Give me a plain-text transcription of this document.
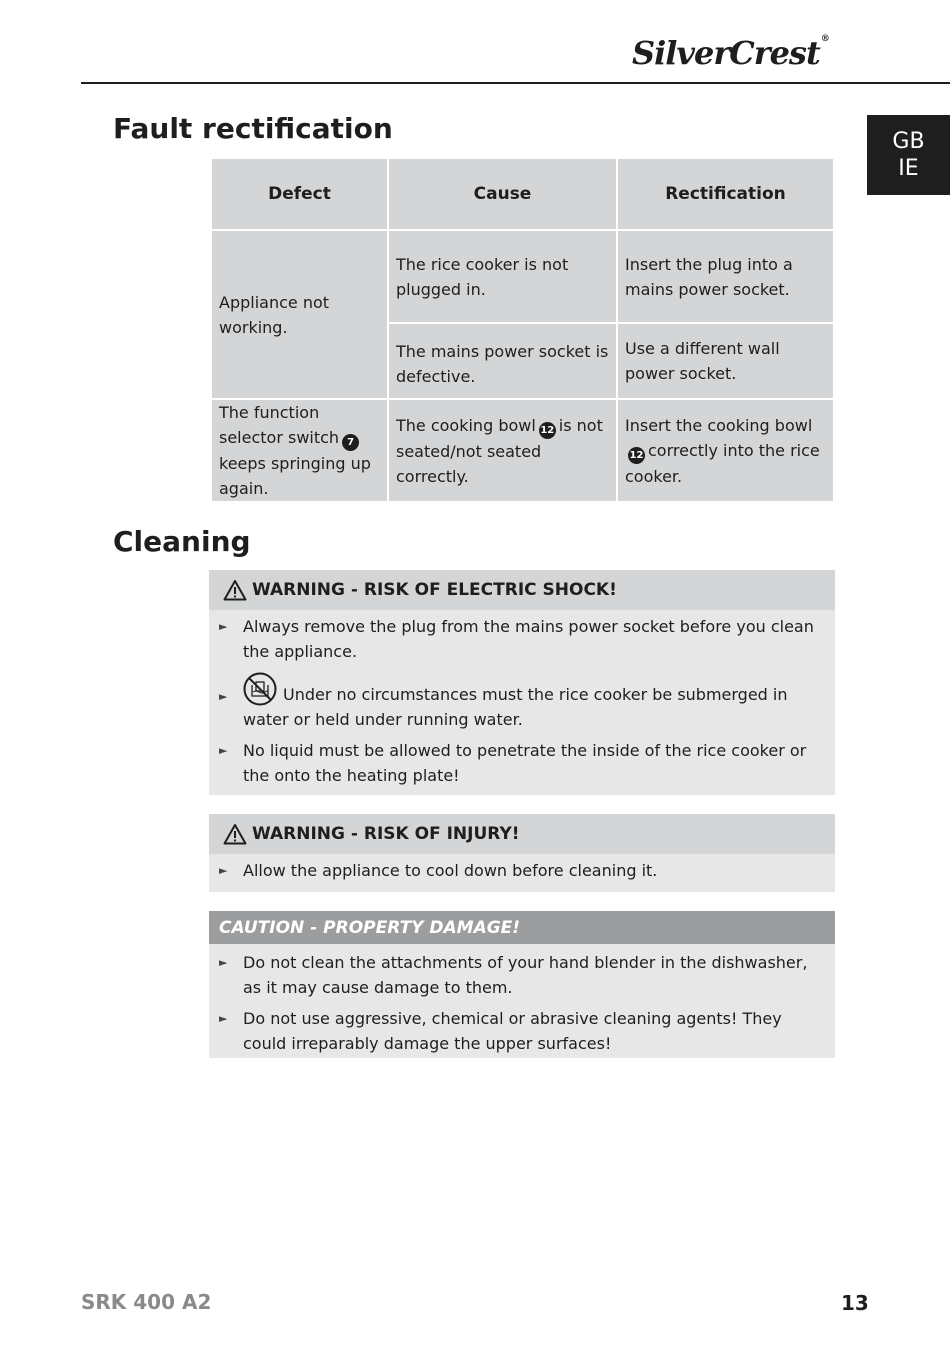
SilverCrest®
GB
IE
Fault rectification
Defect	Cause	Rectification
Appliance not working.	The rice cooker is not plugged in.	Insert the plug into a mains power socket.
	The mains power socket is defective.	Use a different wall power socket.
The function selector switch 7keeps springing up again.	The cooking bowl 12 is not seated/not seated correctly.	Insert the cooking bowl12 correctly into the rice cooker.
Cleaning
WARNING - RISK OF ELECTRIC SHOCK!
► Always remove the plug from the mains power socket before you clean the appliance.
►	Under no circumstances must the rice cooker be submerged in water or held under running water.
► No liquid must be allowed to penetrate the inside of the rice cooker or the onto the heating plate!
WARNING - RISK OF INJURY!
► Allow the appliance to cool down before cleaning it.
CAUTION - PROPERTY DAMAGE!
► Do not clean the attachments of your hand blender in the dishwasher, as it may cause damage to them.
► Do not use aggressive, chemical or abrasive cleaning agents! They could irreparably damage the upper surfaces!
SRK 400 A2	13
